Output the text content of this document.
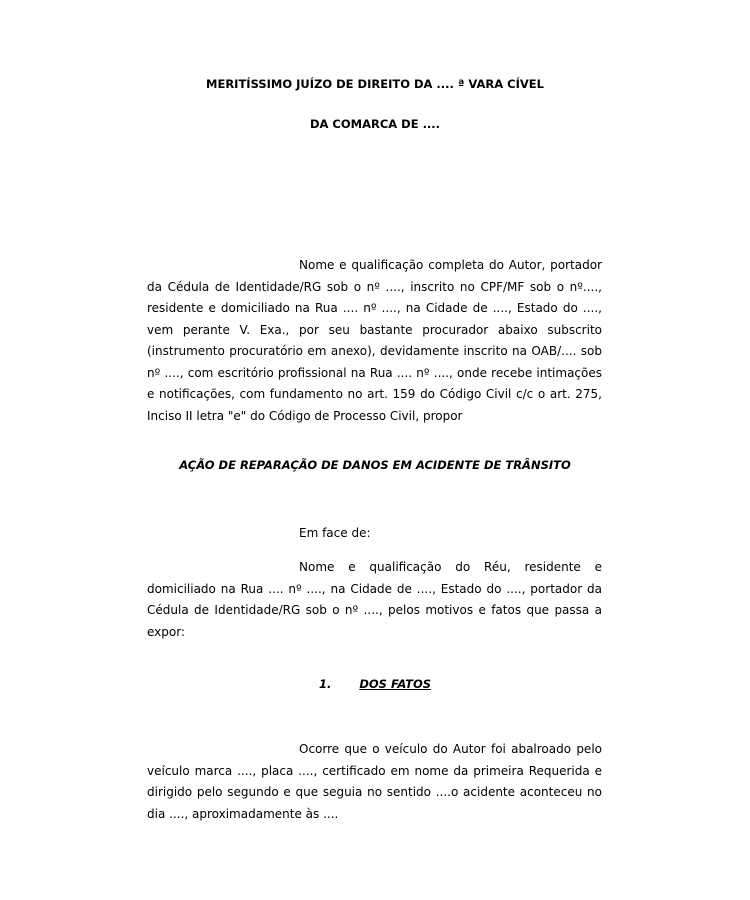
MERITÍSSIMO JUÍZO DE DIREITO DA .... ª VARA CÍVEL

DA COMARCA DE ....

Nome e qualificação completa do Autor, portador da Cédula de Identidade/RG sob o nº ...., inscrito no CPF/MF sob o nº...., residente e domiciliado na Rua .... nº ...., na Cidade de ...., Estado do ...., vem perante V. Exa., por seu bastante procurador abaixo subscrito (instrumento procuratório em anexo), devidamente inscrito na OAB/.... sob nº ...., com escritório profissional na Rua .... nº ...., onde recebe intimações e notificações, com fundamento no art. 159 do Código Civil c/c o art. 275, Inciso II letra "e" do Código de Processo Civil, propor

AÇÃO DE REPARAÇÃO DE DANOS EM ACIDENTE DE TRÂNSITO

Em face de:

Nome e qualificação do Réu, residente e domiciliado na Rua .... nº ...., na Cidade de ...., Estado do ...., portador da Cédula de Identidade/RG sob o nº ...., pelos motivos e fatos que passa a expor:

1. DOS FATOS

Ocorre que o veículo do Autor foi abalroado pelo veículo marca ...., placa ...., certificado em nome da primeira Requerida e dirigido pelo segundo e que seguia no sentido ....o acidente aconteceu no dia ...., aproximadamente às ....
